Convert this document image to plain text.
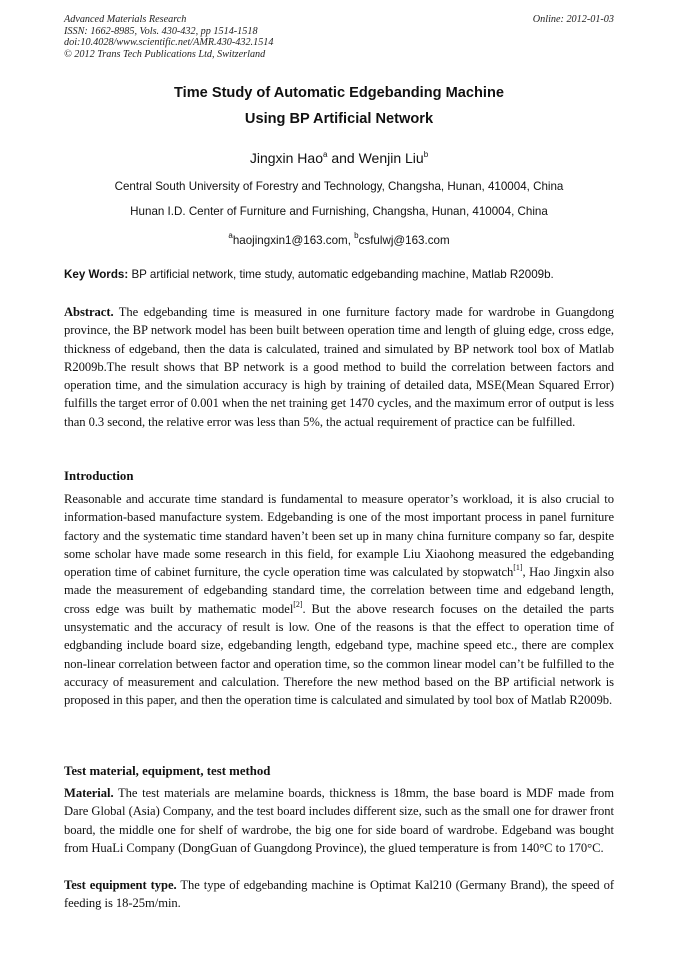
Advanced Materials Research
ISSN: 1662-8985, Vols. 430-432, pp 1514-1518
doi:10.4028/www.scientific.net/AMR.430-432.1514
© 2012 Trans Tech Publications Ltd, Switzerland
Online: 2012-01-03
Time Study of Automatic Edgebanding Machine
Using BP Artificial Network
Jingxin Hao$^a$ and Wenjin Liu$^b$
Central South University of Forestry and Technology, Changsha, Hunan, 410004, China
Hunan I.D. Center of Furniture and Furnishing, Changsha, Hunan, 410004, China
$^a$haojingxin1@163.com, $^b$csfulwj@163.com
Key Words: BP artificial network, time study, automatic edgebanding machine, Matlab R2009b.
Abstract. The edgebanding time is measured in one furniture factory made for wardrobe in Guangdong province, the BP network model has been built between operation time and length of gluing edge, cross edge, thickness of edgeband, then the data is calculated, trained and simulated by BP network tool box of Matlab R2009b.The result shows that BP network is a good method to build the correlation between factors and operation time, and the simulation accuracy is high by training of detailed data, MSE(Mean Squared Error) fulfills the target error of 0.001 when the net training get 1470 cycles, and the maximum error of output is less than 0.3 second, the relative error was less than 5%, the actual requirement of practice can be fulfilled.
Introduction
Reasonable and accurate time standard is fundamental to measure operator’s workload, it is also crucial to information-based manufacture system. Edgebanding is one of the most important process in panel furniture factory and the systematic time standard haven’t been set up in many china furniture company so far, despite some scholar have made some research in this field, for example Liu Xiaohong measured the edgebanding operation time of cabinet furniture, the cycle operation time was calculated by stopwatch[1], Hao Jingxin also made the measurement of edgebanding standard time, the correlation between time and edgeband length, cross edge was built by mathematic model[2]. But the above research focuses on the detailed the parts unsystematic and the accuracy of result is low. One of the reasons is that the effect to operation time of edgbanding include board size, edgebanding length, edgeband type, machine speed etc., there are complex non-linear correlation between factor and operation time, so the common linear model can’t be fulfilled to the accuracy of measurement and calculation. Therefore the new method based on the BP artificial network is proposed in this paper, and then the operation time is calculated and simulated by tool box of Matlab R2009b.
Test material, equipment, test method
Material. The test materials are melamine boards, thickness is 18mm, the base board is MDF made from Dare Global (Asia) Company, and the test board includes different size, such as the small one for drawer front board, the middle one for shelf of wardrobe, the big one for side board of wardrobe. Edgeband was bought from HuaLi Company (DongGuan of Guangdong Province), the glued temperature is from 140°C to 170°C.
Test equipment type. The type of edgebanding machine is Optimat Kal210 (Germany Brand), the speed of feeding is 18-25m/min.
